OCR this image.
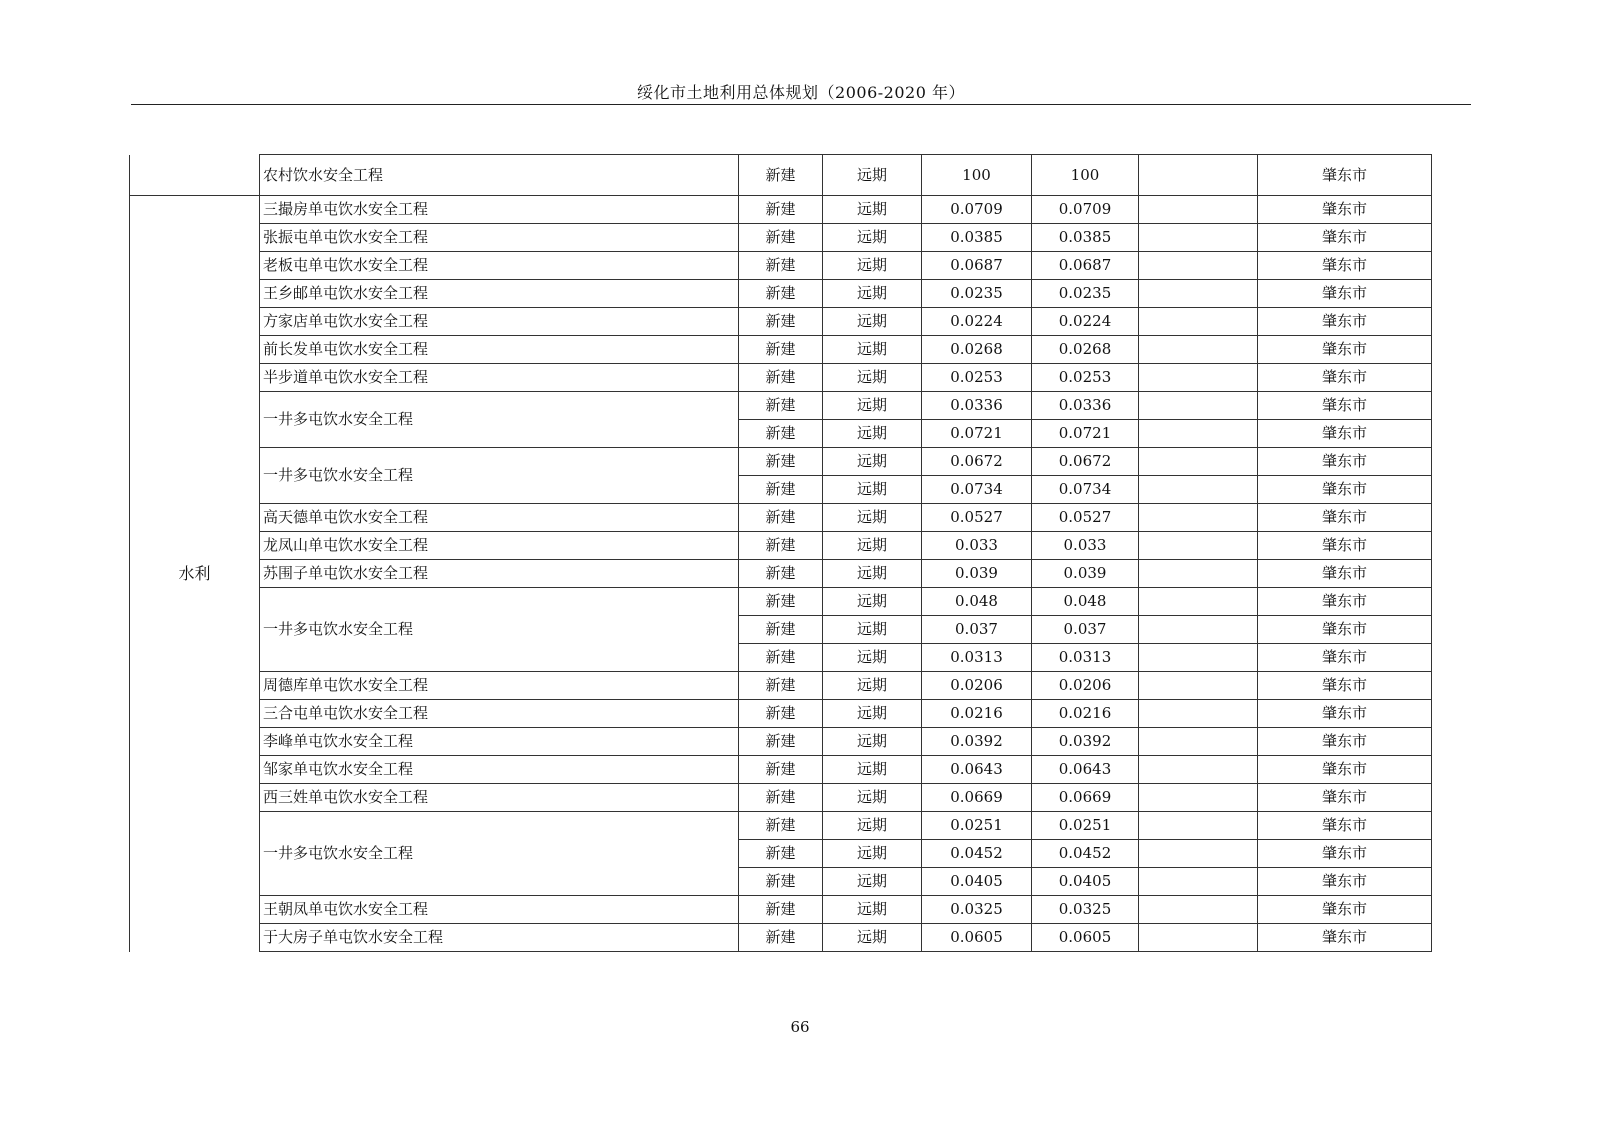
绥化市土地利用总体规划（2006-2020 年）
	农村饮水安全工程	新建	远期	100	100		肇东市
水利	三撮房单屯饮水安全工程	新建	远期	0.0709	0.0709		肇东市
	张振屯单屯饮水安全工程	新建	远期	0.0385	0.0385		肇东市
	老板屯单屯饮水安全工程	新建	远期	0.0687	0.0687		肇东市
	王乡邮单屯饮水安全工程	新建	远期	0.0235	0.0235		肇东市
	方家店单屯饮水安全工程	新建	远期	0.0224	0.0224		肇东市
	前长发单屯饮水安全工程	新建	远期	0.0268	0.0268		肇东市
	半步道单屯饮水安全工程	新建	远期	0.0253	0.0253		肇东市
	一井多屯饮水安全工程	新建	远期	0.0336	0.0336		肇东市
		新建	远期	0.0721	0.0721		肇东市
	一井多屯饮水安全工程	新建	远期	0.0672	0.0672		肇东市
		新建	远期	0.0734	0.0734		肇东市
	高天德单屯饮水安全工程	新建	远期	0.0527	0.0527		肇东市
	龙凤山单屯饮水安全工程	新建	远期	0.033	0.033		肇东市
	苏围子单屯饮水安全工程	新建	远期	0.039	0.039		肇东市
	一井多屯饮水安全工程	新建	远期	0.048	0.048		肇东市
		新建	远期	0.037	0.037		肇东市
		新建	远期	0.0313	0.0313		肇东市
	周德库单屯饮水安全工程	新建	远期	0.0206	0.0206		肇东市
	三合屯单屯饮水安全工程	新建	远期	0.0216	0.0216		肇东市
	李峰单屯饮水安全工程	新建	远期	0.0392	0.0392		肇东市
	邹家单屯饮水安全工程	新建	远期	0.0643	0.0643		肇东市
	西三姓单屯饮水安全工程	新建	远期	0.0669	0.0669		肇东市
	一井多屯饮水安全工程	新建	远期	0.0251	0.0251		肇东市
		新建	远期	0.0452	0.0452		肇东市
		新建	远期	0.0405	0.0405		肇东市
	王朝凤单屯饮水安全工程	新建	远期	0.0325	0.0325		肇东市
	于大房子单屯饮水安全工程	新建	远期	0.0605	0.0605		肇东市
66
